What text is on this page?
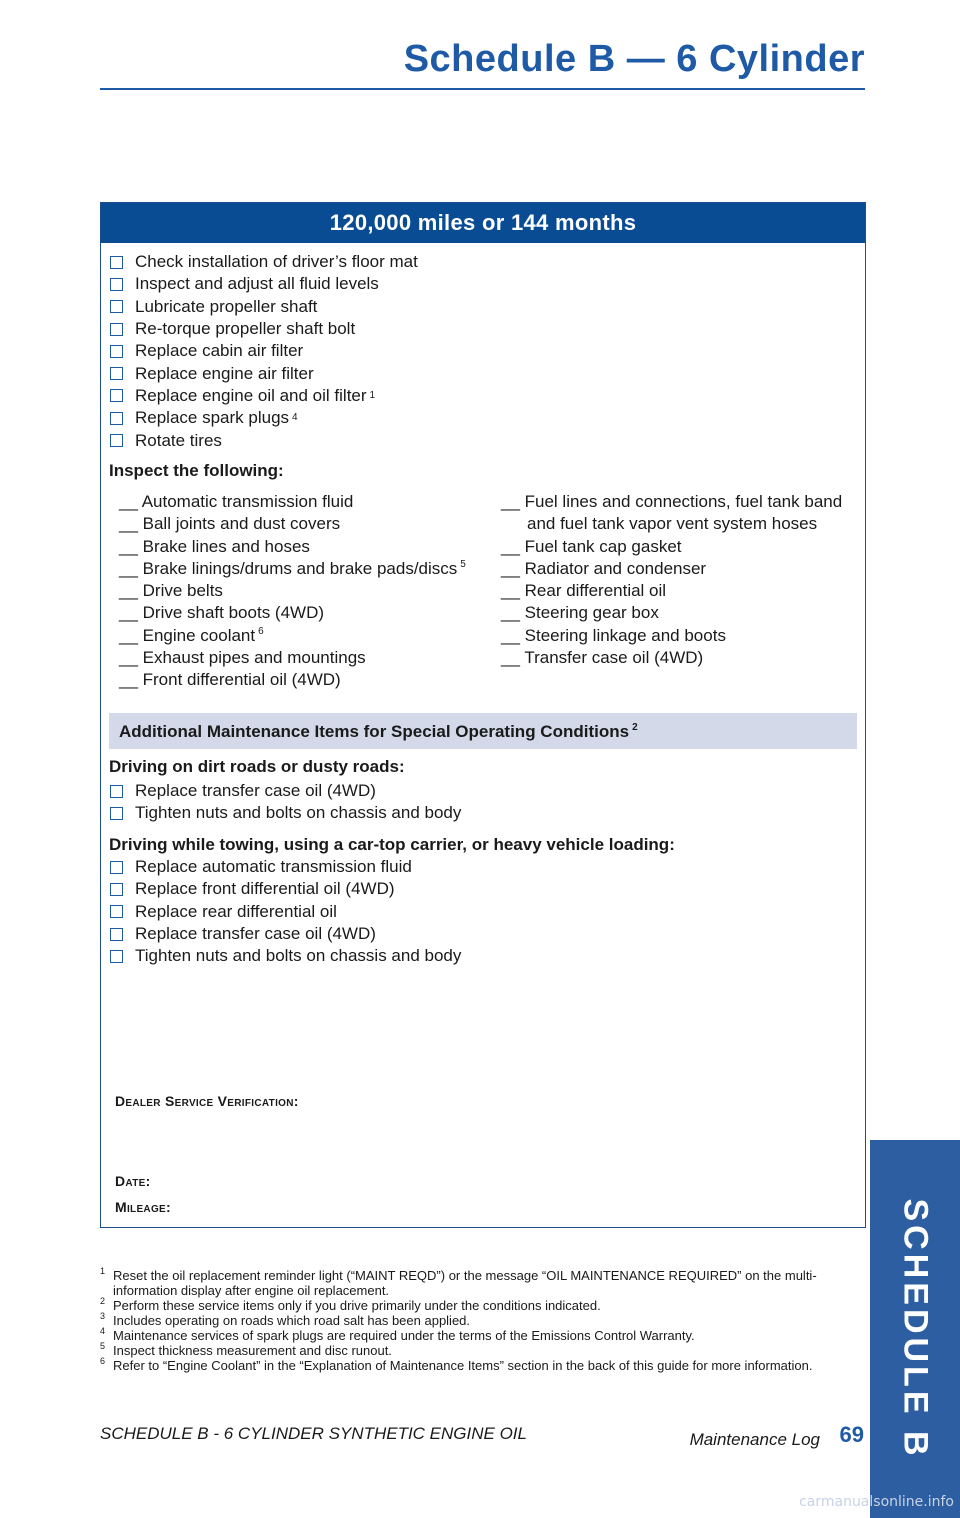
Schedule B — 6 Cylinder
120,000 miles or 144 months
Check installation of driver’s floor mat
Inspect and adjust all fluid levels
Lubricate propeller shaft
Re-torque propeller shaft bolt
Replace cabin air filter
Replace engine air filter
Replace engine oil and oil filter 1
Replace spark plugs 4
Rotate tires
Inspect the following:
__ Automatic transmission fluid
__ Ball joints and dust covers
__ Brake lines and hoses
__ Brake linings/drums and brake pads/discs $^5$
__ Drive belts
__ Drive shaft boots (4WD)
__ Engine coolant $^6$
__ Exhaust pipes and mountings
__ Front differential oil (4WD)
__ Fuel lines and connections, fuel tank band
and fuel tank vapor vent system hoses
__ Fuel tank cap gasket
__ Radiator and condenser
__ Rear differential oil
__ Steering gear box
__ Steering linkage and boots
__ Transfer case oil (4WD)
Additional Maintenance Items for Special Operating Conditions $^2$
Driving on dirt roads or dusty roads:
Replace transfer case oil (4WD)
Tighten nuts and bolts on chassis and body
Driving while towing, using a car-top carrier, or heavy vehicle loading:
Replace automatic transmission fluid
Replace front differential oil (4WD)
Replace rear differential oil
Replace transfer case oil (4WD)
Tighten nuts and bolts on chassis and body
Dealer Service Verification:
Date:
Mileage:
1 Reset the oil replacement reminder light (“MAINT REQD”) or the message “OIL MAINTENANCE REQUIRED” on the multi-information display after engine oil replacement.
2 Perform these service items only if you drive primarily under the conditions indicated.
3 Includes operating on roads which road salt has been applied.
4 Maintenance services of spark plugs are required under the terms of the Emissions Control Warranty.
5 Inspect thickness measurement and disc runout.
6 Refer to “Engine Coolant” in the “Explanation of Maintenance Items” section in the back of this guide for more information.
SCHEDULE B - 6 CYLINDER SYNTHETIC ENGINE OIL	Maintenance Log 69 SCHEDULE B
carmanualsonline.info
